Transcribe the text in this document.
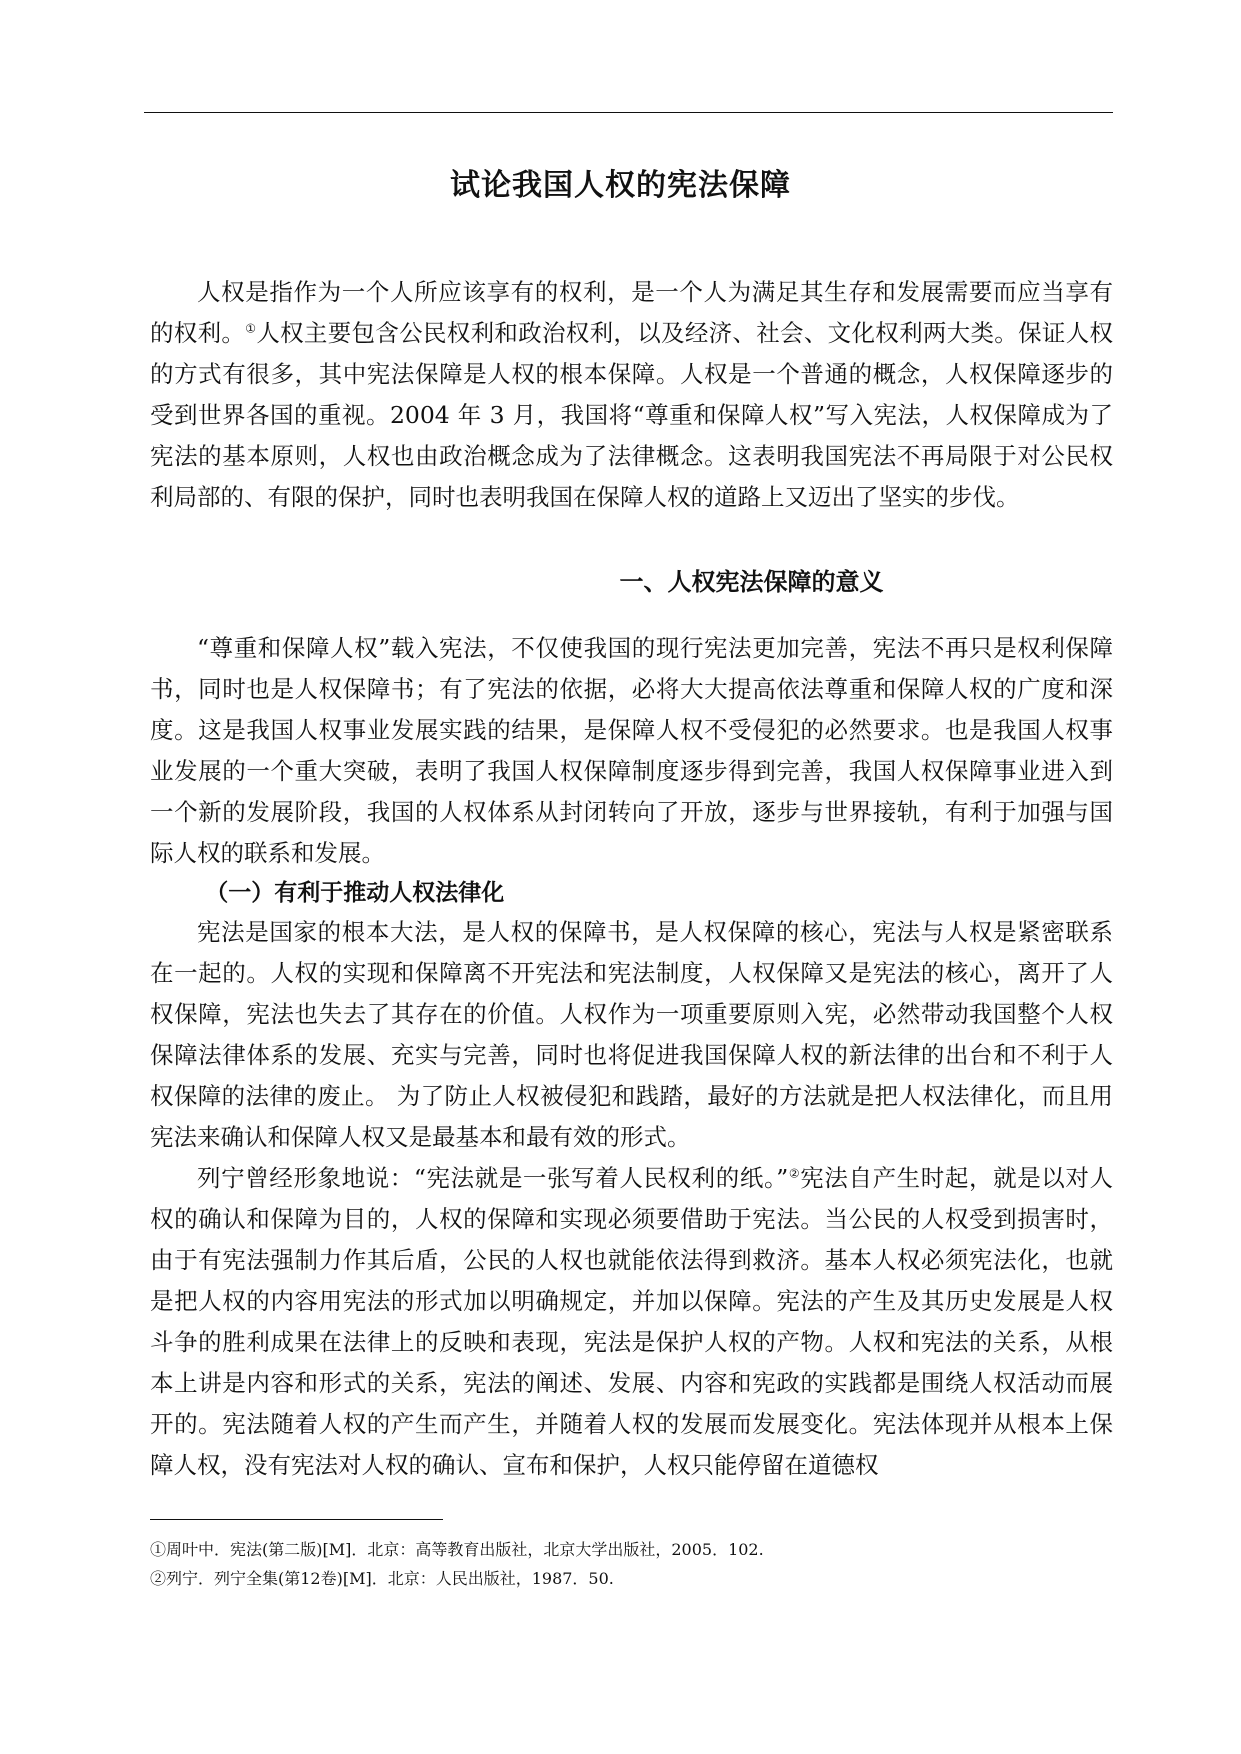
试论我国人权的宪法保障

人权是指作为一个人所应该享有的权利，是一个人为满足其生存和发展需要而应当享有的权利。①人权主要包含公民权利和政治权利，以及经济、社会、文化权利两大类。保证人权的方式有很多，其中宪法保障是人权的根本保障。人权是一个普通的概念，人权保障逐步的受到世界各国的重视。2004 年 3 月，我国将“尊重和保障人权”写入宪法，人权保障成为了宪法的基本原则，人权也由政治概念成为了法律概念。这表明我国宪法不再局限于对公民权利局部的、有限的保护，同时也表明我国在保障人权的道路上又迈出了坚实的步伐。

一、人权宪法保障的意义

“尊重和保障人权”载入宪法，不仅使我国的现行宪法更加完善，宪法不再只是权利保障书，同时也是人权保障书；有了宪法的依据，必将大大提高依法尊重和保障人权的广度和深度。这是我国人权事业发展实践的结果，是保障人权不受侵犯的必然要求。也是我国人权事业发展的一个重大突破，表明了我国人权保障制度逐步得到完善，我国人权保障事业进入到一个新的发展阶段，我国的人权体系从封闭转向了开放，逐步与世界接轨，有利于加强与国际人权的联系和发展。

（一）有利于推动人权法律化

宪法是国家的根本大法，是人权的保障书，是人权保障的核心，宪法与人权是紧密联系在一起的。人权的实现和保障离不开宪法和宪法制度，人权保障又是宪法的核心，离开了人权保障，宪法也失去了其存在的价值。人权作为一项重要原则入宪，必然带动我国整个人权保障法律体系的发展、充实与完善，同时也将促进我国保障人权的新法律的出台和不利于人权保障的法律的废止。 为了防止人权被侵犯和践踏，最好的方法就是把人权法律化，而且用宪法来确认和保障人权又是最基本和最有效的形式。

列宁曾经形象地说：“宪法就是一张写着人民权利的纸。”②宪法自产生时起，就是以对人权的确认和保障为目的，人权的保障和实现必须要借助于宪法。当公民的人权受到损害时，由于有宪法强制力作其后盾，公民的人权也就能依法得到救济。基本人权必须宪法化，也就是把人权的内容用宪法的形式加以明确规定，并加以保障。宪法的产生及其历史发展是人权斗争的胜利成果在法律上的反映和表现，宪法是保护人权的产物。人权和宪法的关系，从根本上讲是内容和形式的关系，宪法的阐述、发展、内容和宪政的实践都是围绕人权活动而展开的。宪法随着人权的产生而产生，并随着人权的发展而发展变化。宪法体现并从根本上保障人权，没有宪法对人权的确认、宣布和保护，人权只能停留在道德权

①周叶中．宪法(第二版)[M]．北京：高等教育出版社，北京大学出版社，2005．102.

②列宁．列宁全集(第12卷)[M]．北京：人民出版社，1987．50.
